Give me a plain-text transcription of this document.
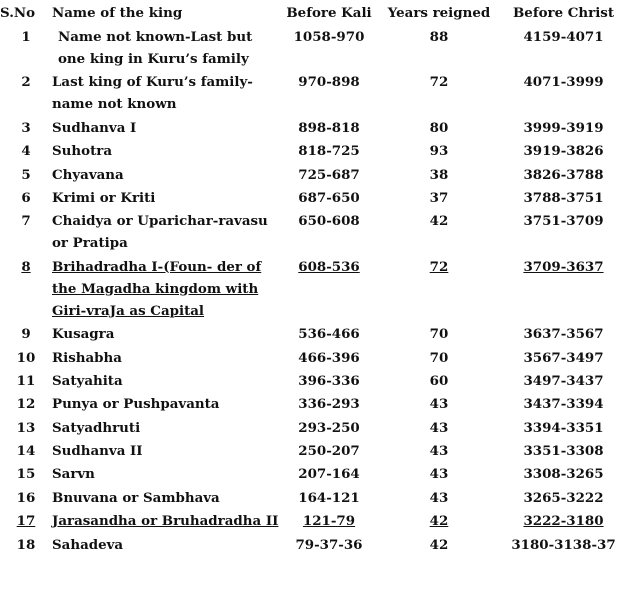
S.No	Name of the king	Before Kali	Years reigned	Before Christ
1	Name not known-Last but one king in Kuru’s family	1058-970	88	4159-4071
2	Last king of Kuru’s family-name not known	970-898	72	4071-3999
3	Sudhanva I	898-818	80	3999-3919
4	Suhotra	818-725	93	3919-3826
5	Chyavana	725-687	38	3826-3788
6	Krimi or Kriti	687-650	37	3788-3751
7	Chaidya or Uparichar-ravasu or Pratipa	650-608	42	3751-3709
8	Brihadradha I-(Foun- der of the Magadha kingdom with Giri-vraJa as Capital	608-536	72	3709-3637
9	Kusagra	536-466	70	3637-3567
10	Rishabha	466-396	70	3567-3497
11	Satyahita	396-336	60	3497-3437
12	Punya or Pushpavanta	336-293	43	3437-3394
13	Satyadhruti	293-250	43	3394-3351
14	Sudhanva II	250-207	43	3351-3308
15	Sarvn	207-164	43	3308-3265
16	Bnuvana or Sambhava	164-121	43	3265-3222
17	Jarasandha or Bruhadradha II	121-79	42	3222-3180
18	Sahadeva	79-37-36	42	3180-3138-37
